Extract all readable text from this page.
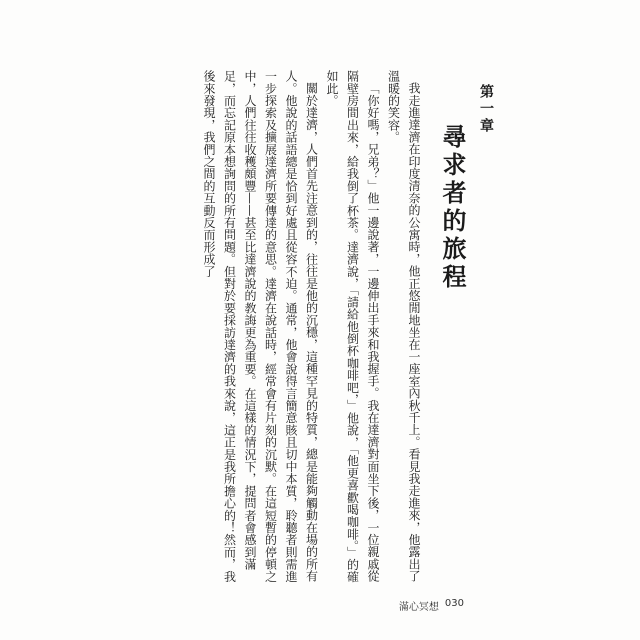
我走進達濟在印度清奈的公寓時，他正悠閒地坐在一座室內秋千上。看見我走進來，他露出了溫暖的笑容。

「你好嗎，兄弟？」他一邊說著，一邊伸出手來和我握手。我在達濟對面坐下後，一位親戚從隔壁房間出來，給我倒了杯茶。達濟說，「請給他倒杯咖啡吧，」他說，「他更喜歡喝咖啡。」的確如此。

關於達濟，人們首先注意到的，往往是他的沉穩，這種罕見的特質，總是能夠觸動在場的所有人。他說的話語總是恰到好處且從容不迫。通常，他會說得言簡意賅且切中本質，聆聽者則需進一步探索及擴展達濟所要傳達的意思。達濟在說話時，經常會有片刻的沉默。在這短暫的停頓之中，人們往往收穫頗豐——甚至比達濟說的教誨更為重要。在這樣的情況下，提問者會感到滿足，而忘記原本想詢問的所有問題。但對於要採訪達濟的我來說，這正是我所擔心的！然而，我後來發現，我們之間的互動反而形成了	第一章
尋求者的旅程
滿心冥想 030
